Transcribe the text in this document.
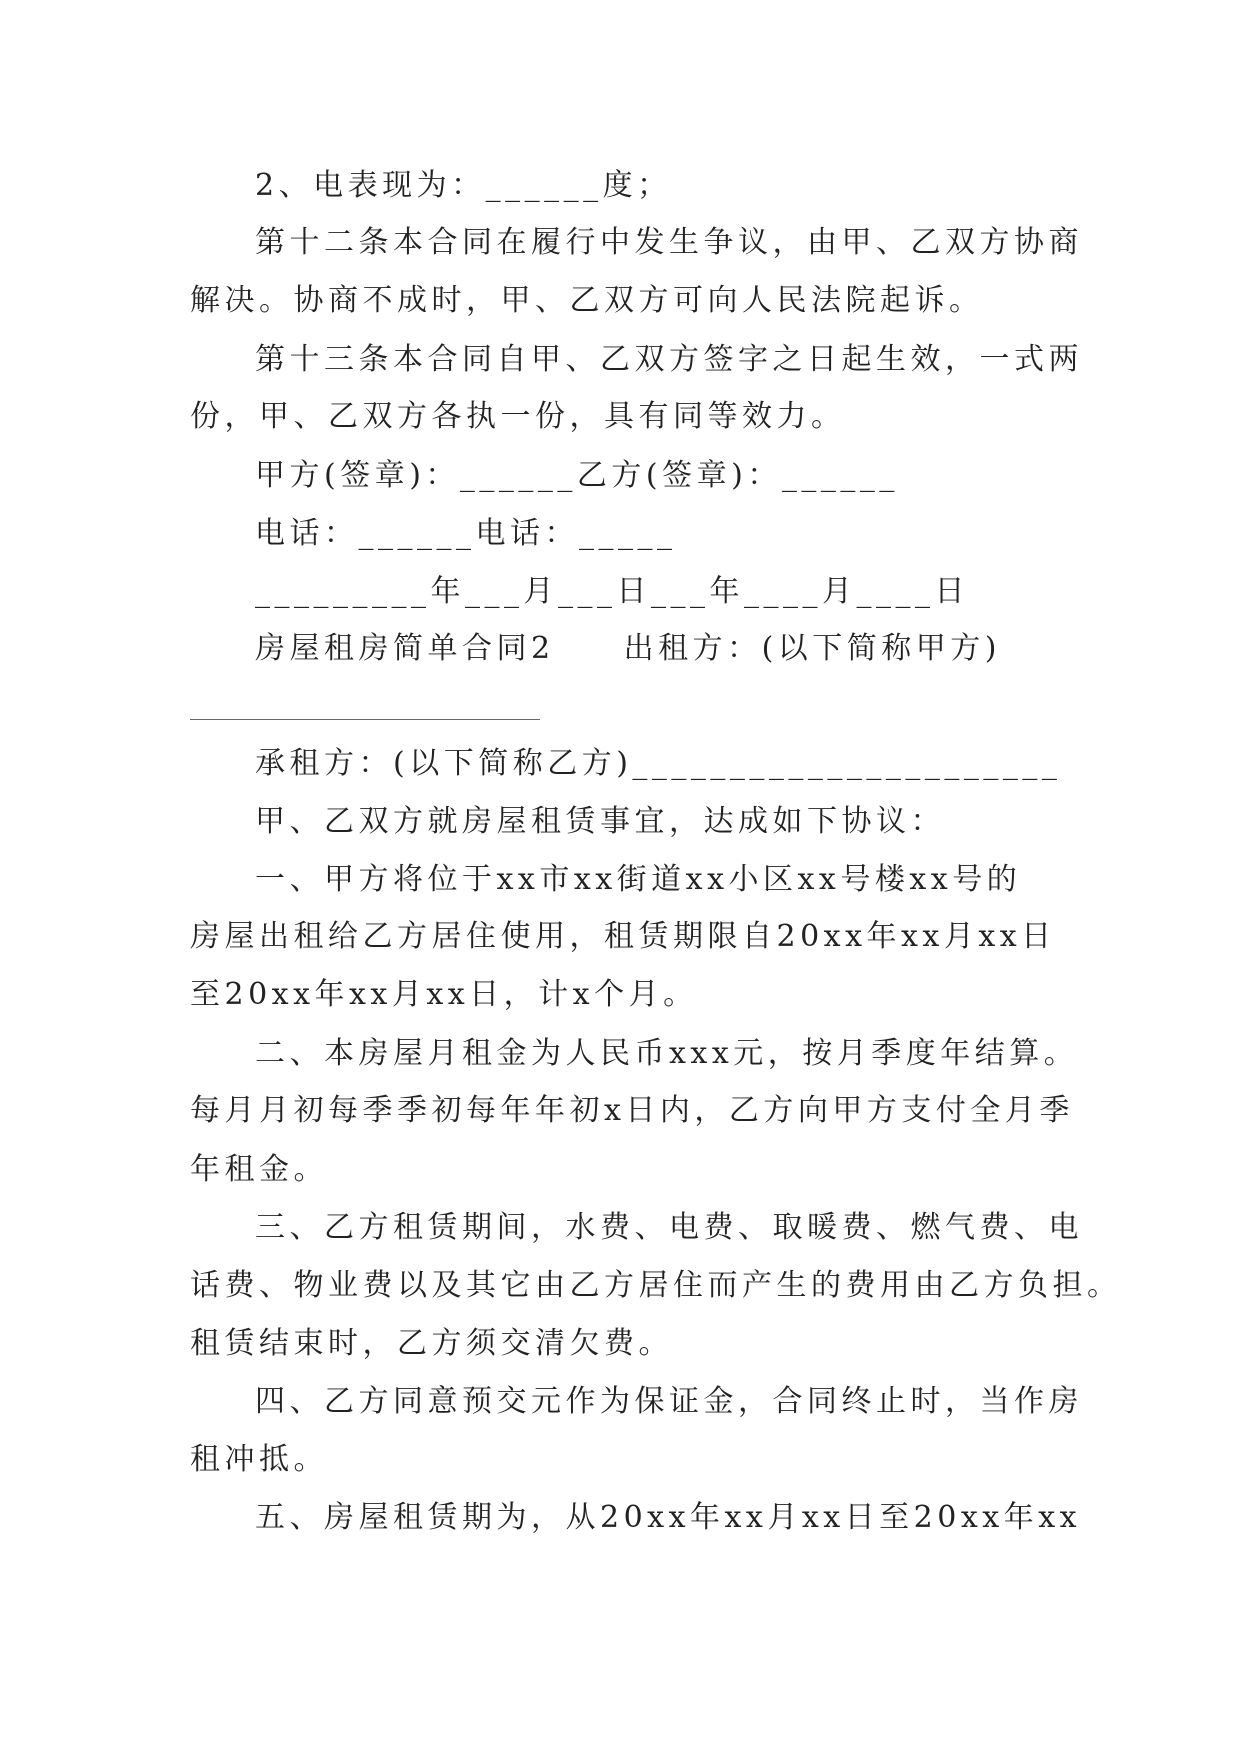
2、电表现为：______度；
第十二条本合同在履行中发生争议，由甲、乙双方协商
解决。协商不成时，甲、乙双方可向人民法院起诉。
第十三条本合同自甲、乙双方签字之日起生效，一式两
份，甲、乙双方各执一份，具有同等效力。
甲方(签章)：______乙方(签章)：______
电话：______电话：_____
_________年___月___日___年____月____日
房屋租房简单合同2　　出租方：(以下简称甲方)
承租方：(以下简称乙方)______________________
甲、乙双方就房屋租赁事宜，达成如下协议：
一、甲方将位于xx市xx街道xx小区xx号楼xx号的
房屋出租给乙方居住使用，租赁期限自20xx年xx月xx日
至20xx年xx月xx日，计x个月。
二、本房屋月租金为人民币xxx元，按月季度年结算。
每月月初每季季初每年年初x日内，乙方向甲方支付全月季
年租金。
三、乙方租赁期间，水费、电费、取暖费、燃气费、电
话费、物业费以及其它由乙方居住而产生的费用由乙方负担。
租赁结束时，乙方须交清欠费。
四、乙方同意预交元作为保证金，合同终止时，当作房
租冲抵。
五、房屋租赁期为，从20xx年xx月xx日至20xx年xx
